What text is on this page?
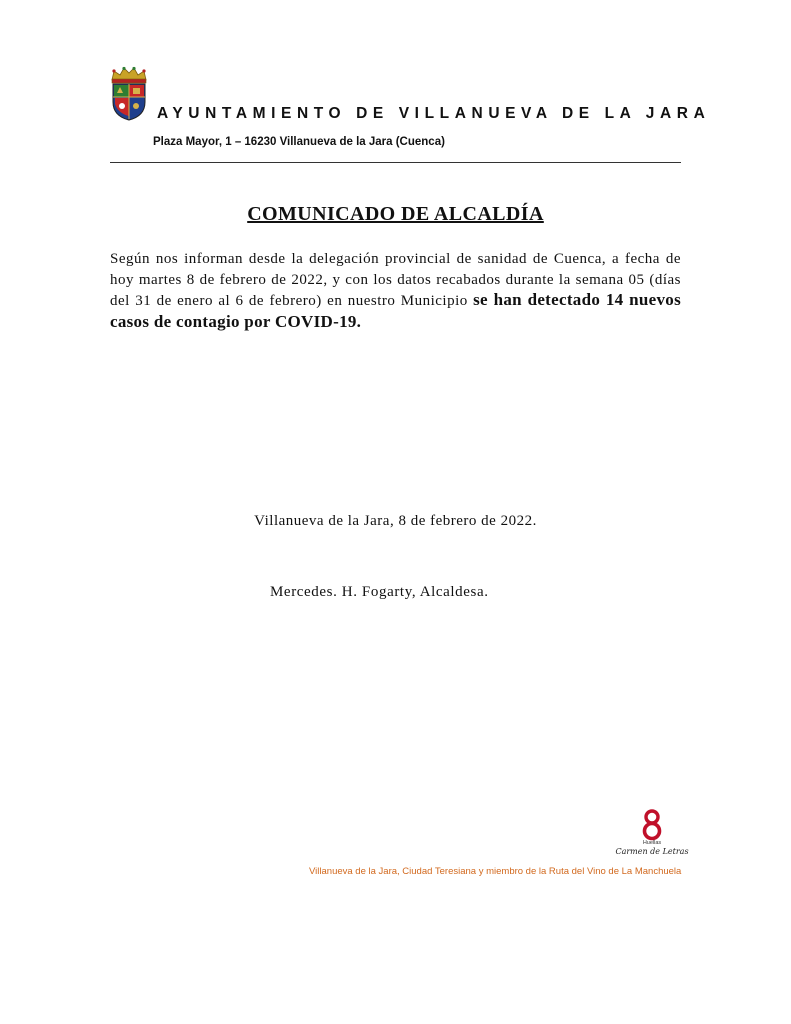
AYUNTAMIENTO DE VILLANUEVA DE LA JARA
Plaza Mayor, 1 – 16230 Villanueva de la Jara (Cuenca)
COMUNICADO DE ALCALDÍA
Según nos informan desde la delegación provincial de sanidad de Cuenca, a fecha de hoy martes 8 de febrero de 2022, y con los datos recabados durante la semana 05 (días del 31 de enero al 6 de febrero) en nuestro Municipio se han detectado 14 nuevos casos de contagio por COVID-19.
Villanueva de la Jara, 8 de febrero de 2022.
Mercedes. H. Fogarty, Alcaldesa.
Huellas
Carmen de Letras
Villanueva de la Jara, Ciudad Teresiana y miembro de la Ruta del Vino de La Manchuela
